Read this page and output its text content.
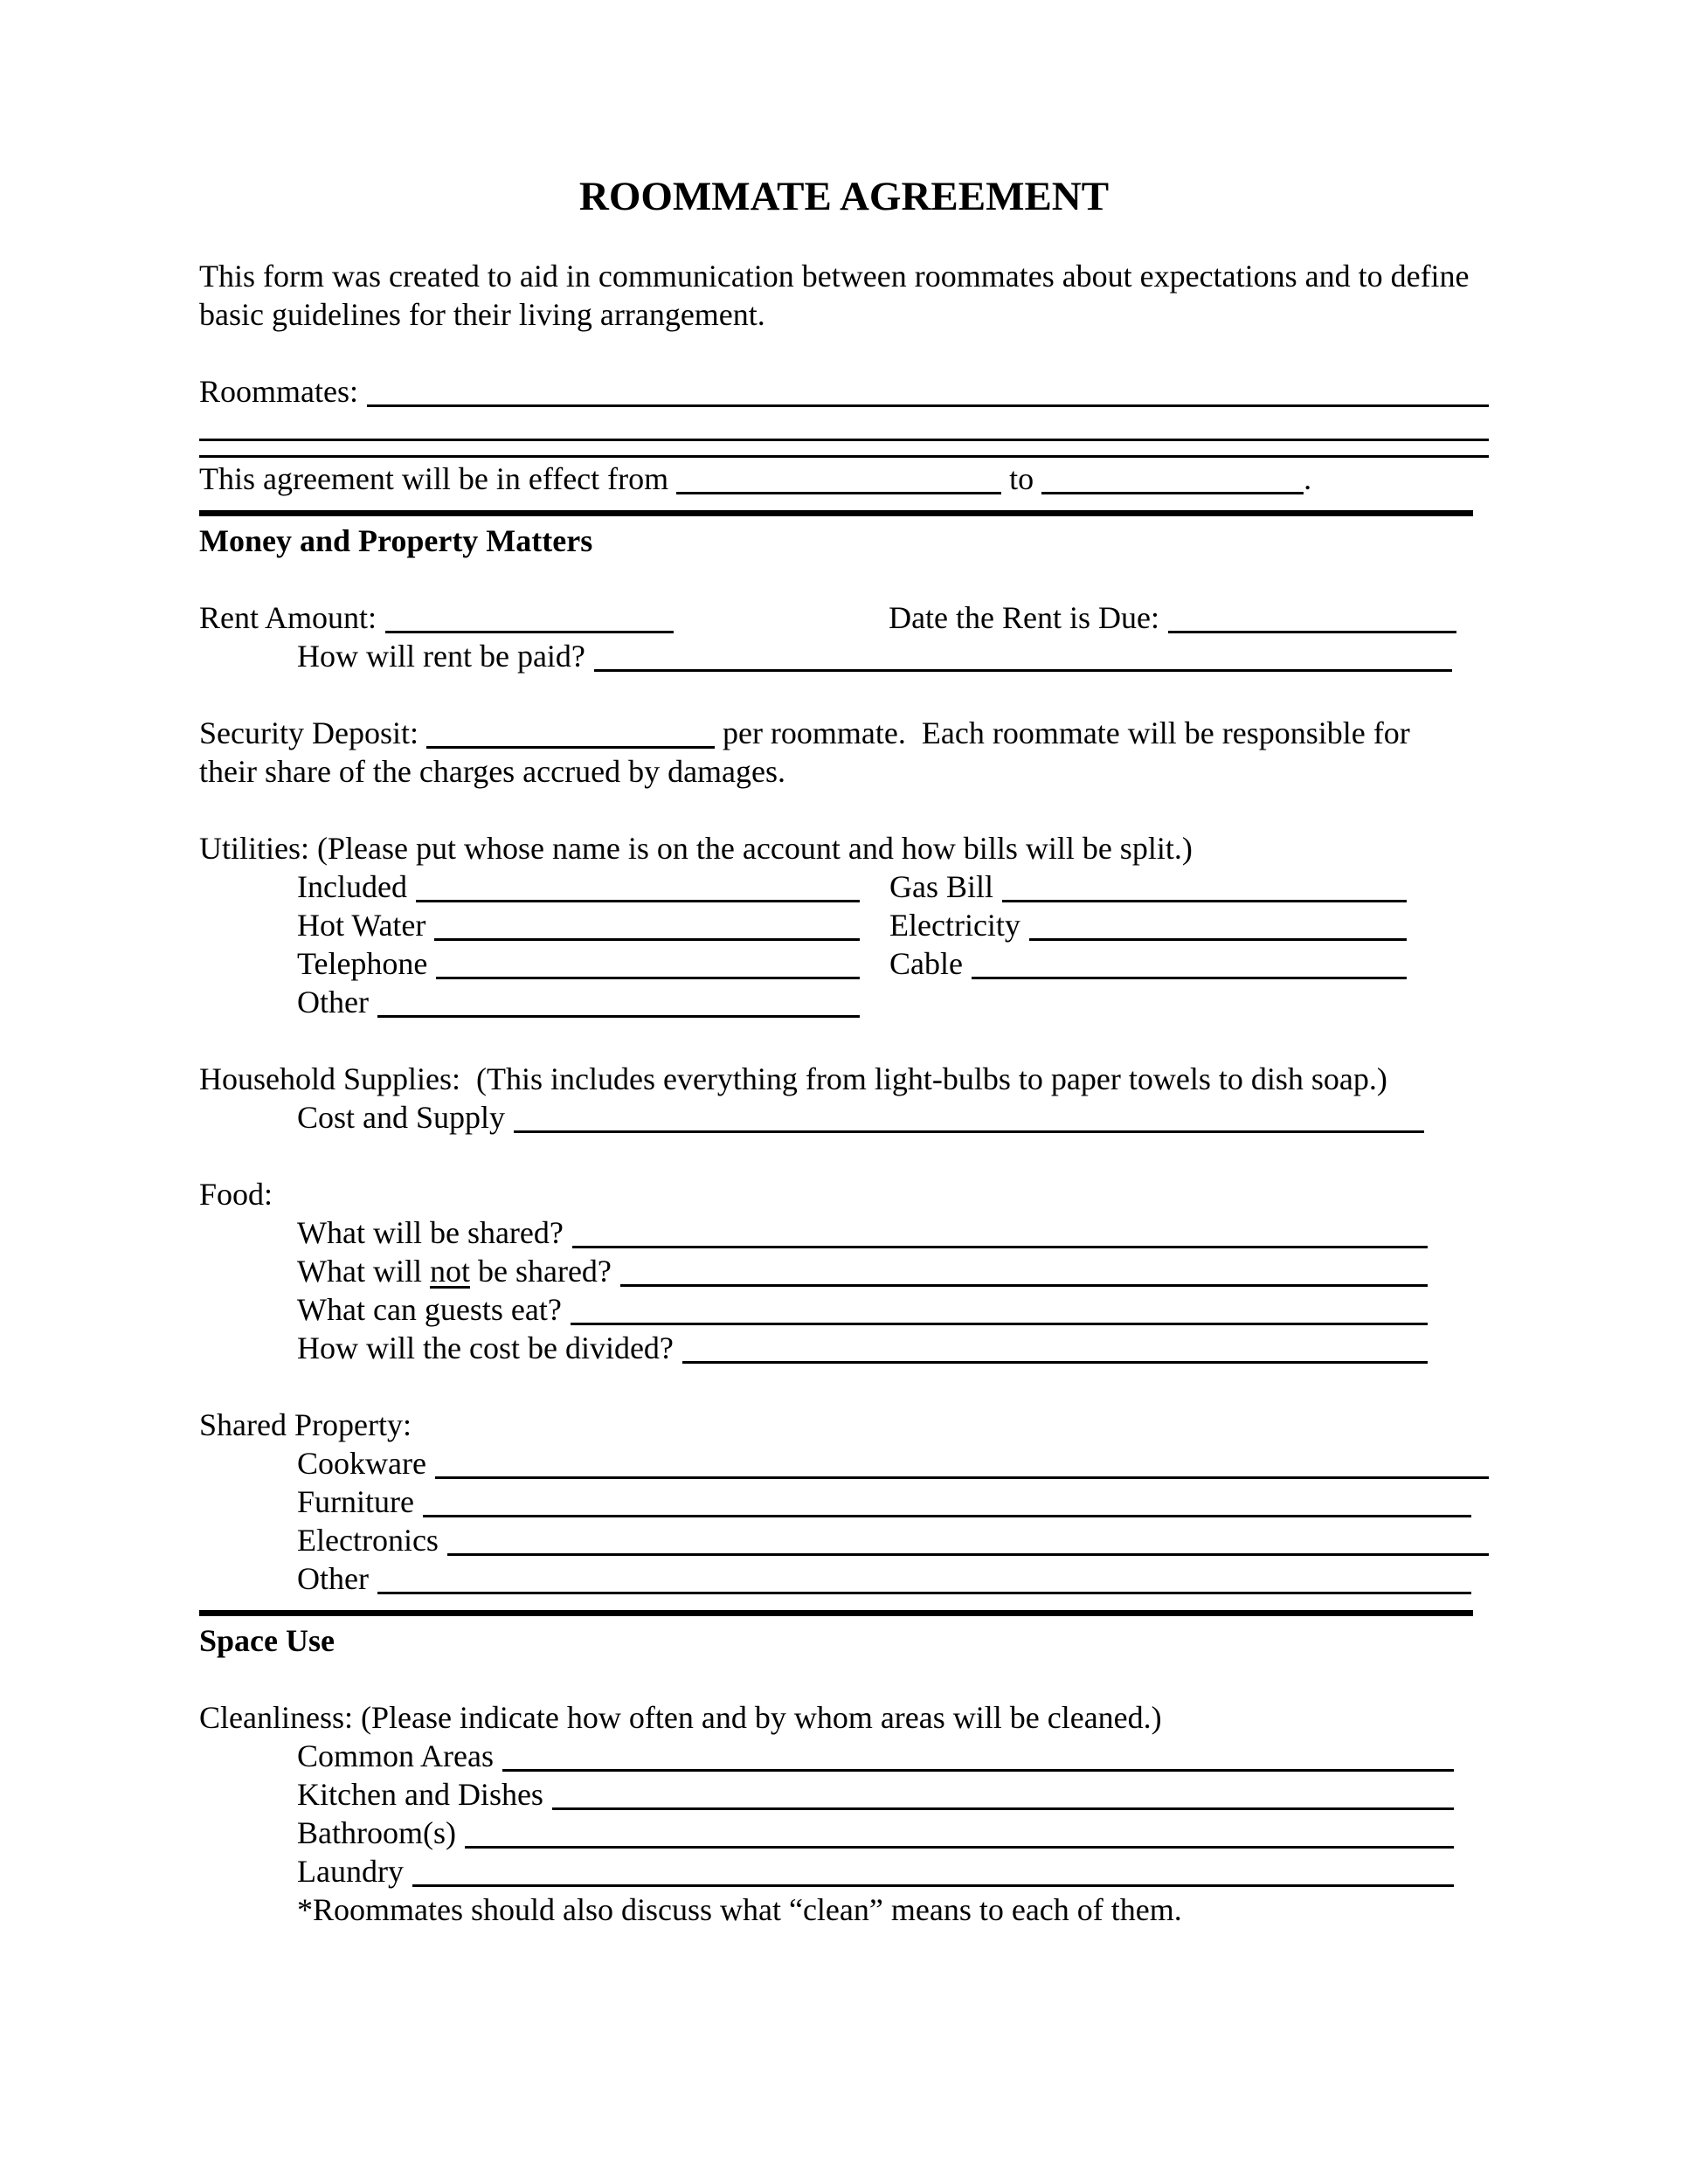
ROOMMATE AGREEMENT

This form was created to aid in communication between roommates about expectations and to define basic guidelines for their living arrangement.

Roommates:

This agreement will be in effect from	to	.

Money and Property Matters
Rent Amount:	Date the Rent is Due:
How will rent be paid?

Security Deposit:	per roommate.  Each roommate will be responsible for
their share of the charges accrued by damages.

Utilities: (Please put whose name is on the account and how bills will be split.)

Included	Gas Bill
Hot Water	Electricity
Telephone	Cable
Other

Household Supplies:  (This includes everything from light-bulbs to paper towels to dish soap.)

Cost and Supply

Food:

What will be shared?
What will not be shared?
What can guests eat?
How will the cost be divided?

Shared Property:

Cookware
Furniture
Electronics
Other
Space Use

Cleanliness: (Please indicate how often and by whom areas will be cleaned.)

Common Areas
Kitchen and Dishes
Bathroom(s)
Laundry

*Roommates should also discuss what “clean” means to each of them.
